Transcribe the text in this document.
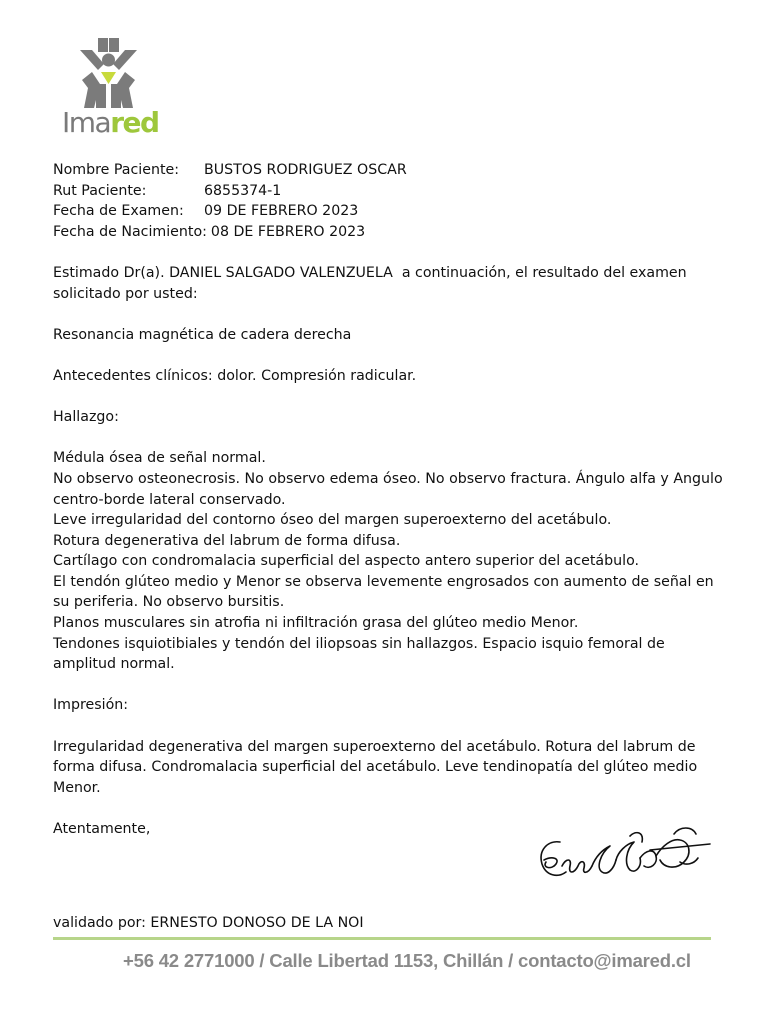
Imared
Nombre Paciente:	BUSTOS RODRIGUEZ OSCAR
Rut Paciente:	6855374-1
Fecha de Examen:	09 DE FEBRERO 2023
Fecha de Nacimiento: 08 DE FEBRERO 2023

Estimado Dr(a). DANIEL SALGADO VALENZUELA  a continuación, el resultado del examen solicitado por usted:

Resonancia magnética de cadera derecha

Antecedentes clínicos: dolor. Compresión radicular.

Hallazgo:

Médula ósea de señal normal.

No observo osteonecrosis. No observo edema óseo. No observo fractura. Ángulo alfa y Angulo centro-borde lateral conservado.

Leve irregularidad del contorno óseo del margen superoexterno del acetábulo.

Rotura degenerativa del labrum de forma difusa.

Cartílago con condromalacia superficial del aspecto antero superior del acetábulo.

El tendón glúteo medio y Menor se observa levemente engrosados con aumento de señal en su periferia. No observo bursitis.

Planos musculares sin atrofia ni infiltración grasa del glúteo medio Menor.

Tendones isquiotibiales y tendón del iliopsoas sin hallazgos. Espacio isquio femoral de amplitud normal.

Impresión:

Irregularidad degenerativa del margen superoexterno del acetábulo. Rotura del labrum de forma difusa. Condromalacia superficial del acetábulo. Leve tendinopatía del glúteo medio Menor.

Atentamente,

validado por: ERNESTO DONOSO DE LA NOI
+56 42 2771000 / Calle Libertad 1153, Chillán / contacto@imared.cl
